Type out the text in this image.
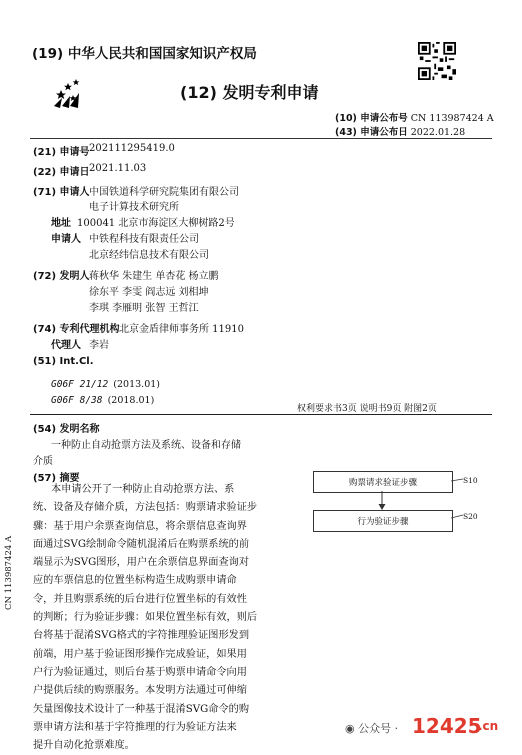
(19) 中华人民共和国国家知识产权局
(12) 发明专利申请
(10) 申请公布号 CN 113987424 A
(43) 申请公布日 2022.01.28
(21) 申请号 202111295419.0
(22) 申请日 2021.11.03
(71) 申请人 中国铁道科学研究院集团有限公司
电子计算技术研究所
地址 100041 北京市海淀区大柳树路2号
申请人 中铁程科技有限责任公司
北京经纬信息技术有限公司
(72) 发明人 蒋秋华 朱建生 单杏花 杨立鹏
徐东平 李雯 阎志远 刘相坤
李琪 李雁明 张智 王哲江
(74) 专利代理机构 北京金盾律师事务所 11910
代理人 李岩
(51) Int.Cl.
G06F 21/12 (2013.01)
G06F 8/38 (2018.01)
权利要求书3页 说明书9页 附图2页
(54) 发明名称
一种防止自动抢票方法及系统、设备和存储
介质
(57) 摘要

本申请公开了一种防止自动抢票方法、系

统、设备及存储介质，方法包括：购票请求验证步

骤：基于用户余票查询信息，将余票信息查询界

面通过SVG绘制命令随机混淆后在购票系统的前

端显示为SVG图形，用户在余票信息界面查询对

应的车票信息的位置坐标构造生成购票申请命

令，并且购票系统的后台进行位置坐标的有效性

的判断；行为验证步骤：如果位置坐标有效，则后

台将基于混淆SVG格式的字符推理验证图形发到

前端，用户基于验证图形操作完成验证，如果用

户行为验证通过，则后台基于购票申请命令向用

户提供后续的购票服务。本发明方法通过可伸缩

矢量图像技术设计了一种基于混淆SVG命令的购

票申请方法和基于字符推理的行为验证方法来

提升自动化抢票难度。

购票请求验证步骤	S10
行为验证步骤
S20
CN 113987424 A
◉ 公众号 · 12425
.cn
